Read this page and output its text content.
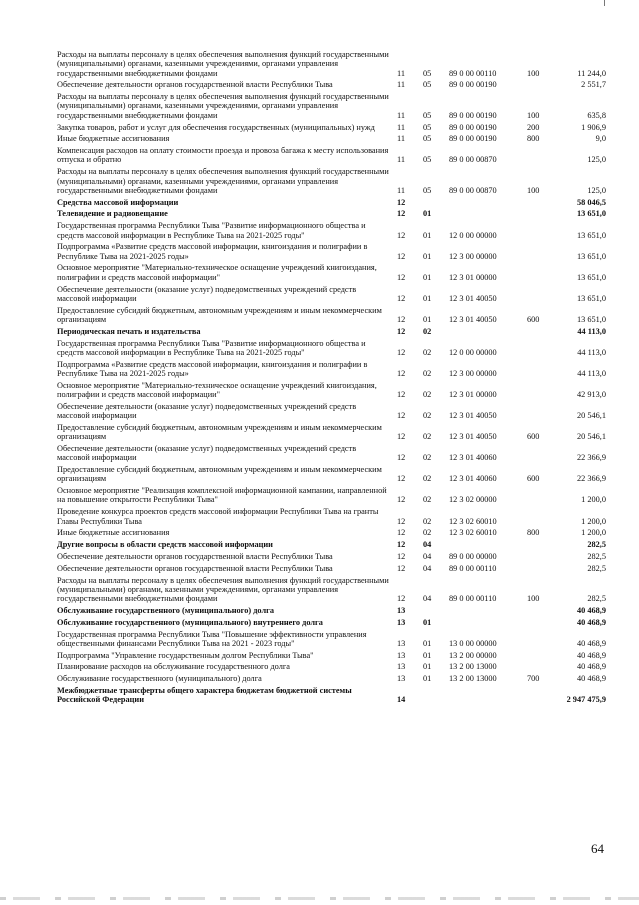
Расходы на выплаты персоналу в целях обеспечения выполнения функций государственными (муниципальными) органами, казенными учреждениями, органами управления государственными внебюджетными фондами	11	05	89 0 00 00110	100	11 244,0
Обеспечение деятельности органов государственной власти Республики Тыва	11	05	89 0 00 00190		2 551,7
Расходы на выплаты персоналу в целях обеспечения выполнения функций государственными (муниципальными) органами, казенными учреждениями, органами управления государственными внебюджетными фондами	11	05	89 0 00 00190	100	635,8
Закупка товаров, работ и услуг для обеспечения государственных (муниципальных) нужд	11	05	89 0 00 00190	200	1 906,9
Иные бюджетные ассигнования	11	05	89 0 00 00190	800	9,0
Компенсация расходов на оплату стоимости проезда и провоза багажа к месту использования отпуска и обратно	11	05	89 0 00 00870		125,0
Расходы на выплаты персоналу в целях обеспечения выполнения функций государственными (муниципальными) органами, казенными учреждениями, органами управления государственными внебюджетными фондами	11	05	89 0 00 00870	100	125,0
Средства массовой информации	12				58 046,5
Телевидение и радиовещание	12	01			13 651,0
Государственная программа Республики Тыва "Развитие информационного общества и средств массовой информации в Республике Тыва на 2021-2025 годы"	12	01	12 0 00 00000		13 651,0
Подпрограмма «Развитие средств массовой информации, книгоиздания и полиграфии в Республике Тыва на 2021-2025 годы»	12	01	12 3 00 00000		13 651,0
Основное мероприятие "Материально-техническое оснащение учреждений книгоиздания, полиграфии и средств массовой информации"	12	01	12 3 01 00000		13 651,0
Обеспечение деятельности (оказание услуг) подведомственных учреждений средств массовой информации	12	01	12 3 01 40050		13 651,0
Предоставление субсидий бюджетным, автономным учреждениям и иным некоммерческим организациям	12	01	12 3 01 40050	600	13 651,0
Периодическая печать и издательства	12	02			44 113,0
Государственная программа Республики Тыва "Развитие информационного общества и средств массовой информации в Республике Тыва на 2021-2025 годы"	12	02	12 0 00 00000		44 113,0
Подпрограмма «Развитие средств массовой информации, книгоиздания и полиграфии в Республике Тыва на 2021-2025 годы»	12	02	12 3 00 00000		44 113,0
Основное мероприятие "Материально-техническое оснащение учреждений книгоиздания, полиграфии и средств массовой информации"	12	02	12 3 01 00000		42 913,0
Обеспечение деятельности (оказание услуг) подведомственных учреждений средств массовой информации	12	02	12 3 01 40050		20 546,1
Предоставление субсидий бюджетным, автономным учреждениям и иным некоммерческим организациям	12	02	12 3 01 40050	600	20 546,1
Обеспечение деятельности (оказание услуг) подведомственных учреждений средств массовой информации	12	02	12 3 01 40060		22 366,9
Предоставление субсидий бюджетным, автономным учреждениям и иным некоммерческим организациям	12	02	12 3 01 40060	600	22 366,9
Основное мероприятие "Реализация комплексной информационной кампании, направленной на повышение открытости Республики Тыва"	12	02	12 3 02 00000		1 200,0
Проведение конкурса проектов средств массовой информации Республики Тыва на гранты Главы Республики Тыва	12	02	12 3 02 60010		1 200,0
Иные бюджетные ассигнования	12	02	12 3 02 60010	800	1 200,0
Другие вопросы в области средств массовой информации	12	04			282,5
Обеспечение деятельности органов государственной власти Республики Тыва	12	04	89 0 00 00000		282,5
Обеспечение деятельности органов государственной власти Республики Тыва	12	04	89 0 00 00110		282,5
Расходы на выплаты персоналу в целях обеспечения выполнения функций государственными (муниципальными) органами, казенными учреждениями, органами управления государственными внебюджетными фондами	12	04	89 0 00 00110	100	282,5
Обслуживание государственного (муниципального) долга	13				40 468,9
Обслуживание государственного (муниципального) внутреннего долга	13	01			40 468,9
Государственная программа Республики Тыва "Повышение эффективности управления общественными финансами Республики Тыва на 2021 - 2023 годы"	13	01	13 0 00 00000		40 468,9
Подпрограмма "Управление государственным долгом Республики Тыва"	13	01	13 2 00 00000		40 468,9
Планирование расходов на обслуживание государственного долга	13	01	13 2 00 13000		40 468,9
Обслуживание государственного (муниципального) долга	13	01	13 2 00 13000	700	40 468,9
Межбюджетные трансферты общего характера бюджетам бюджетной системы Российской Федерации	14				2 947 475,9
64
